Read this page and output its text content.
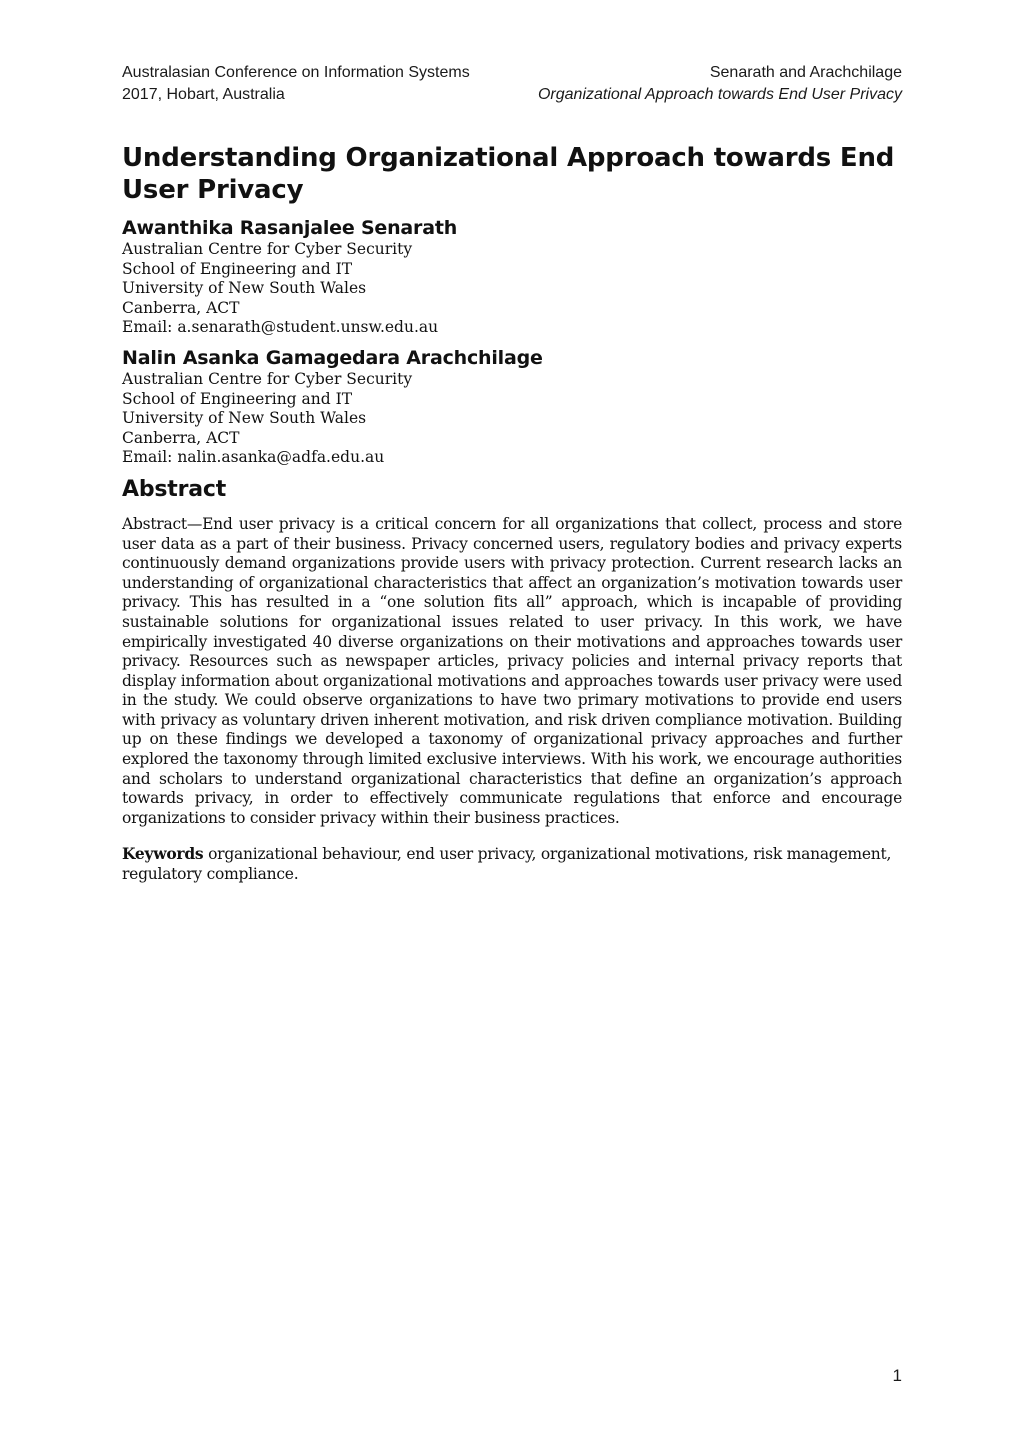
Australasian Conference on Information Systems
2017, Hobart, Australia
Senarath and Arachchilage
Organizational Approach towards End User Privacy
Understanding Organizational Approach towards End
User Privacy
Awanthika Rasanjalee Senarath
Australian Centre for Cyber Security
School of Engineering and IT
University of New South Wales
Canberra, ACT
Email: a.senarath@student.unsw.edu.au
Nalin Asanka Gamagedara Arachchilage
Australian Centre for Cyber Security
School of Engineering and IT
University of New South Wales
Canberra, ACT
Email: nalin.asanka@adfa.edu.au
Abstract

Abstract—End user privacy is a critical concern for all organizations that collect, process and store user data as a part of their business. Privacy concerned users, regulatory bodies and privacy experts continuously demand organizations provide users with privacy protection. Current research lacks an understanding of organizational characteristics that affect an organization’s motivation towards user privacy. This has resulted in a “one solution fits all” approach, which is incapable of providing sustainable solutions for organizational issues related to user privacy. In this work, we have empirically investigated 40 diverse organizations on their motivations and approaches towards user privacy. Resources such as newspaper articles, privacy policies and internal privacy reports that display information about organizational motivations and approaches towards user privacy were used in the study. We could observe organizations to have two primary motivations to provide end users with privacy as voluntary driven inherent motivation, and risk driven compliance motivation. Building up on these findings we developed a taxonomy of organizational privacy approaches and further explored the taxonomy through limited exclusive interviews. With his work, we encourage authorities and scholars to understand organizational characteristics that define an organization’s approach towards privacy, in order to effectively communicate regulations that enforce and encourage organizations to consider privacy within their business practices.

Keywords organizational behaviour, end user privacy, organizational motivations, risk management, regulatory compliance.

1
